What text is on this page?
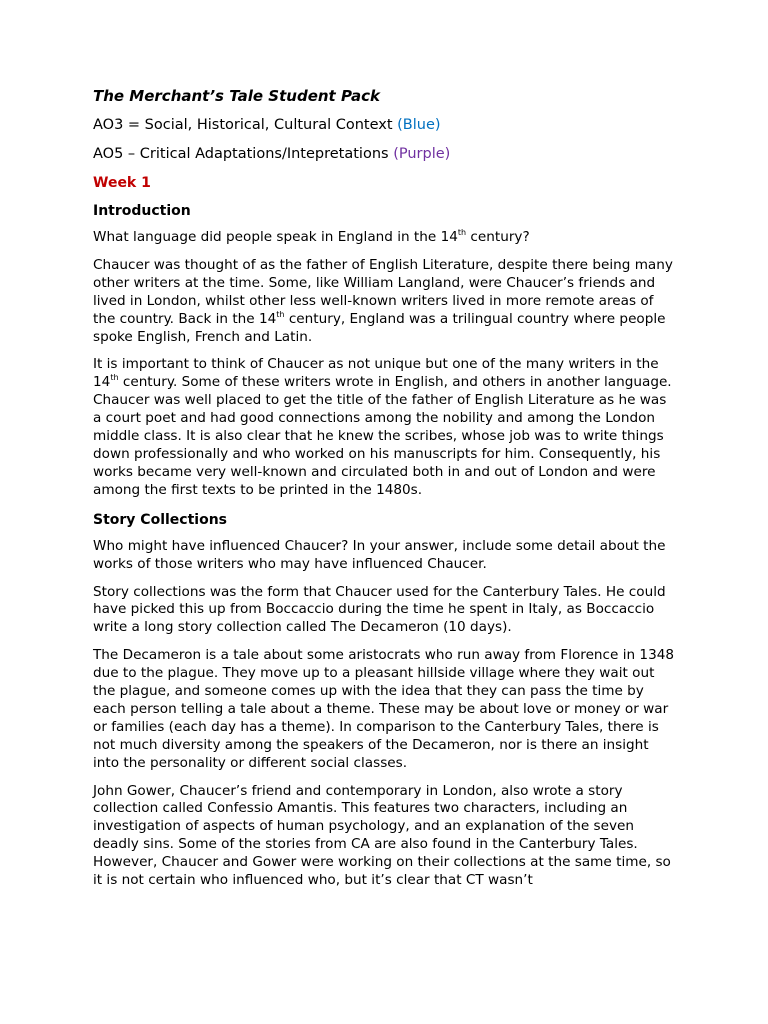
The Merchant’s Tale Student Pack
AO3 = Social, Historical, Cultural Context (Blue)
AO5 – Critical Adaptations/Intepretations (Purple)
Week 1
Introduction

What language did people speak in England in the 14th century?

Chaucer was thought of as the father of English Literature, despite there being many other writers at the time. Some, like William Langland, were Chaucer’s friends and lived in London, whilst other less well-known writers lived in more remote areas of the country. Back in the 14th century, England was a trilingual country where people spoke English, French and Latin.

It is important to think of Chaucer as not unique but one of the many writers in the 14th century. Some of these writers wrote in English, and others in another language. Chaucer was well placed to get the title of the father of English Literature as he was a court poet and had good connections among the nobility and among the London middle class. It is also clear that he knew the scribes, whose job was to write things down professionally and who worked on his manuscripts for him. Consequently, his works became very well-known and circulated both in and out of London and were among the first texts to be printed in the 1480s.

Story Collections

Who might have influenced Chaucer? In your answer, include some detail about the works of those writers who may have influenced Chaucer.

Story collections was the form that Chaucer used for the Canterbury Tales. He could have picked this up from Boccaccio during the time he spent in Italy, as Boccaccio write a long story collection called The Decameron (10 days).

The Decameron is a tale about some aristocrats who run away from Florence in 1348 due to the plague. They move up to a pleasant hillside village where they wait out the plague, and someone comes up with the idea that they can pass the time by each person telling a tale about a theme. These may be about love or money or war or families (each day has a theme). In comparison to the Canterbury Tales, there is not much diversity among the speakers of the Decameron, nor is there an insight into the personality or different social classes.

John Gower, Chaucer’s friend and contemporary in London, also wrote a story collection called Confessio Amantis. This features two characters, including an investigation of aspects of human psychology, and an explanation of the seven deadly sins. Some of the stories from CA are also found in the Canterbury Tales. However, Chaucer and Gower were working on their collections at the same time, so it is not certain who influenced who, but it’s clear that CT wasn’t
